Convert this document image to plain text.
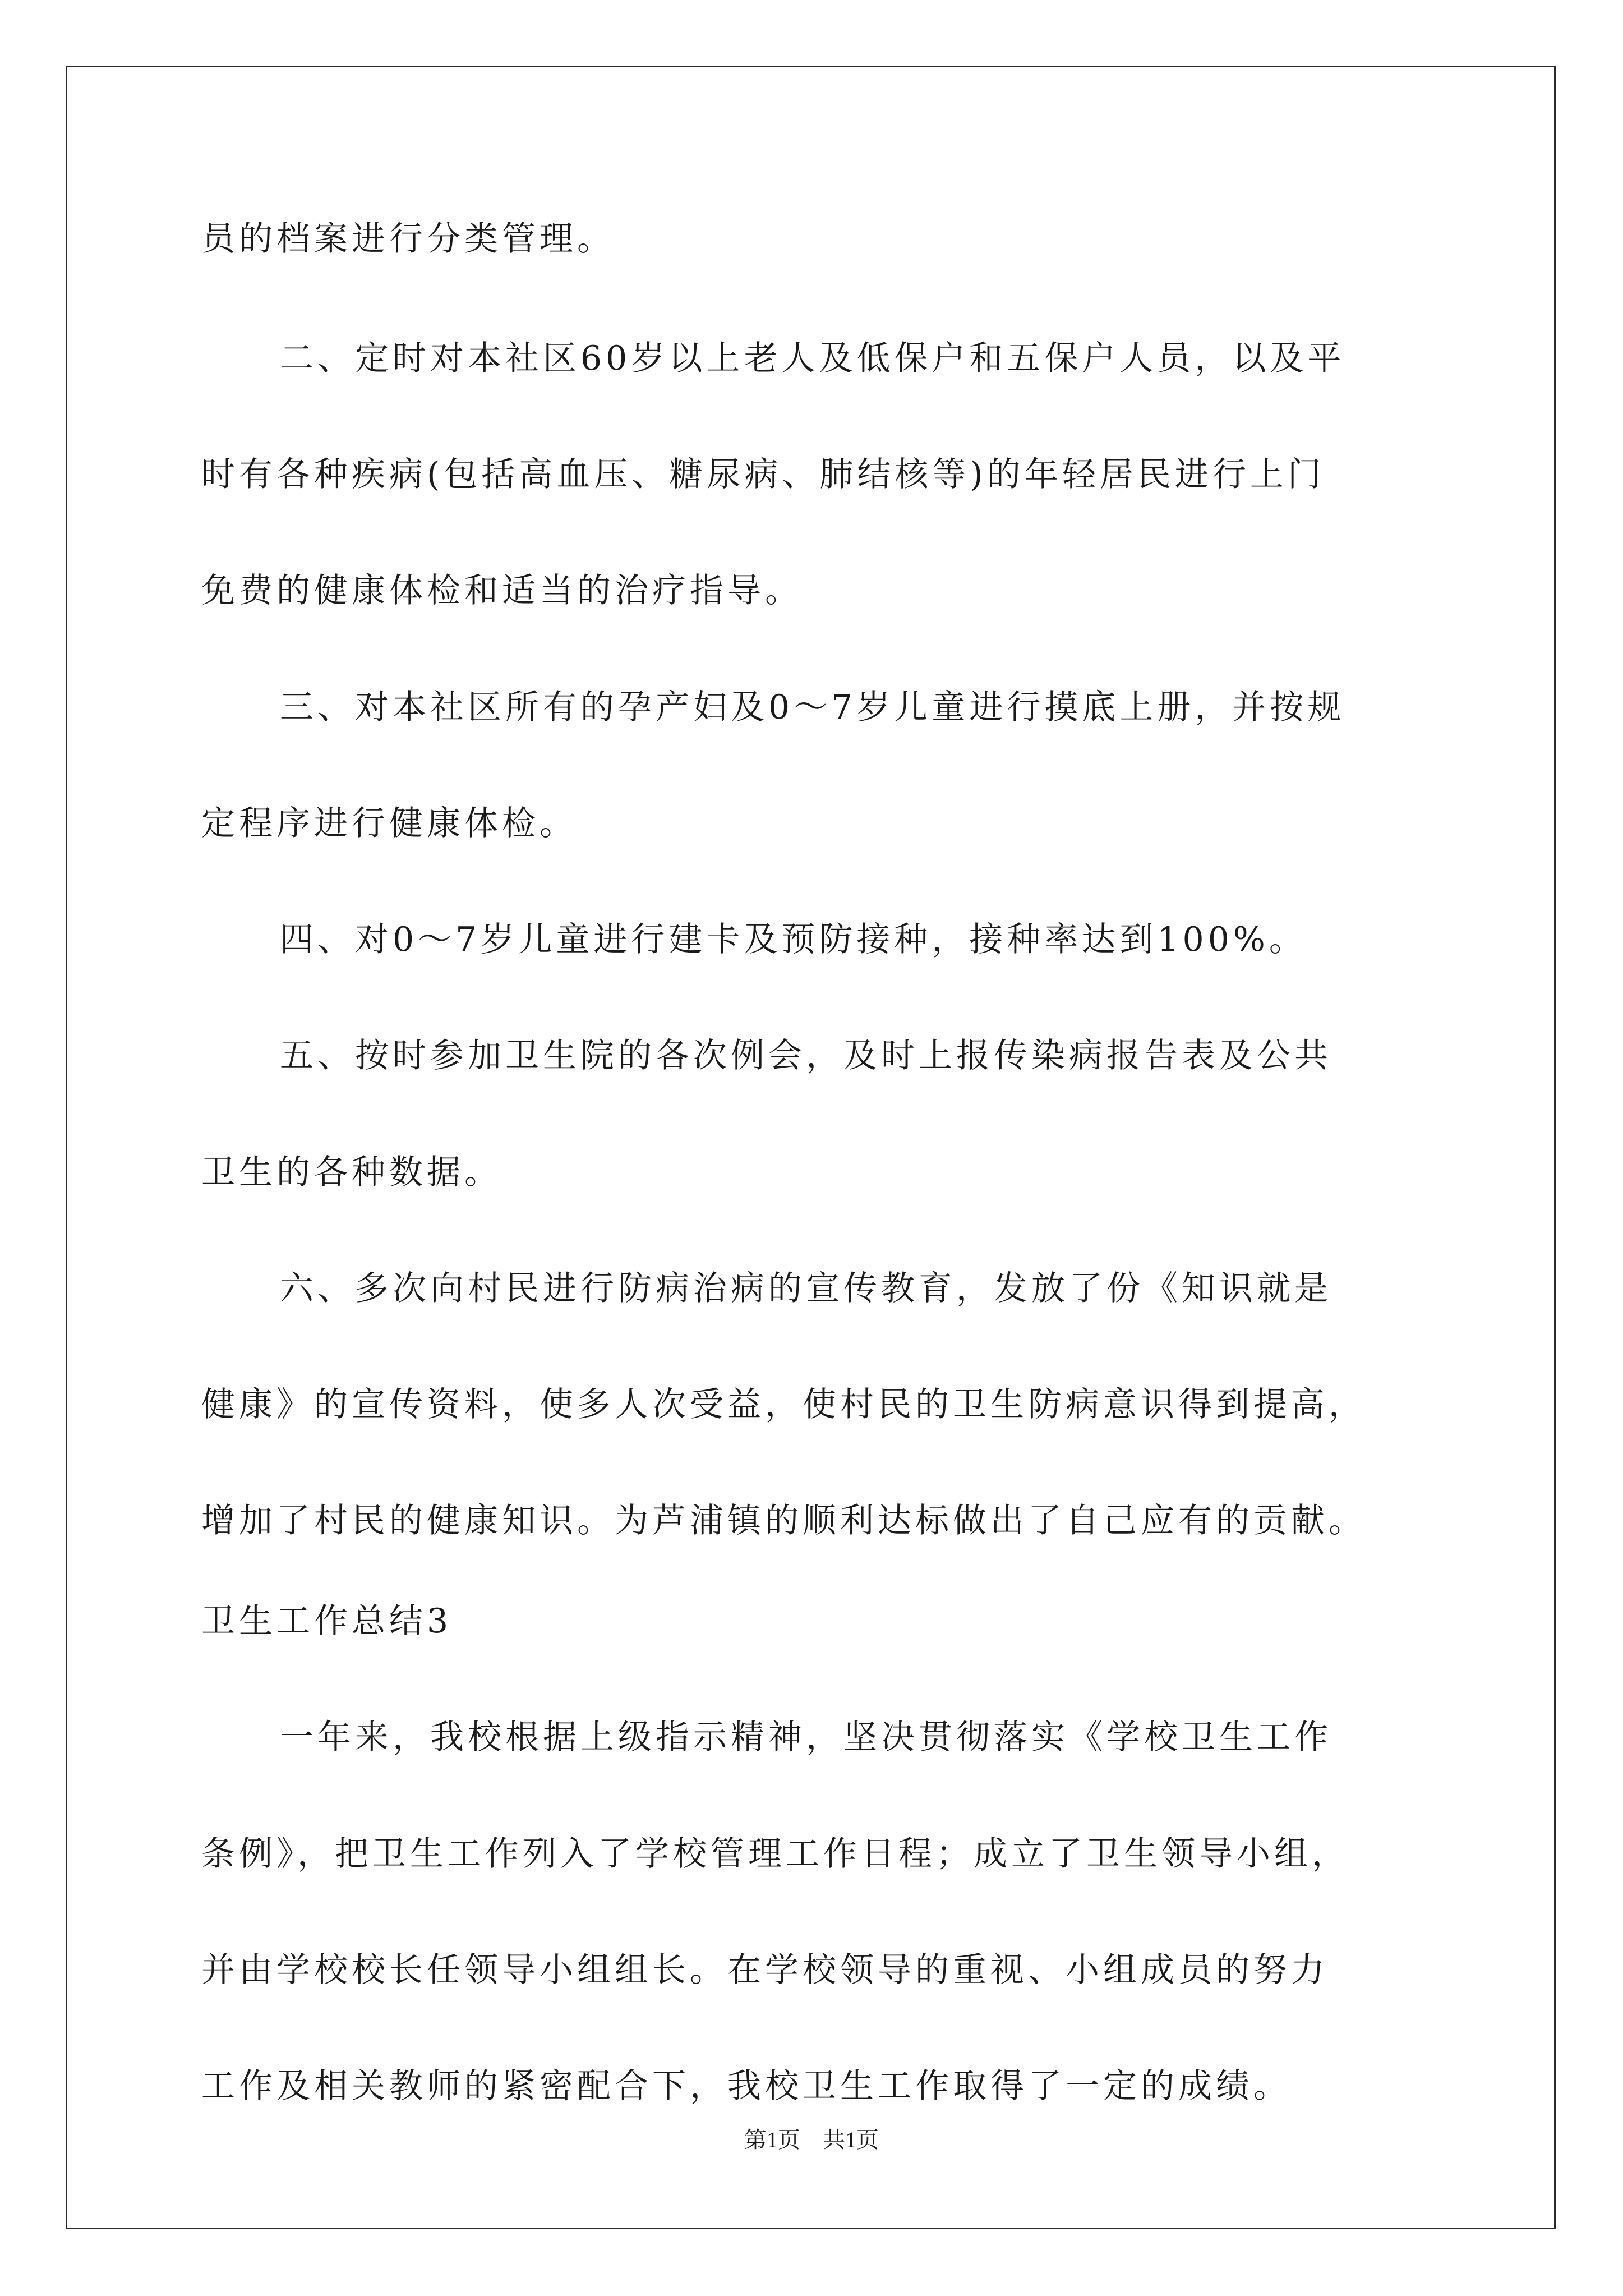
员的档案进行分类管理。

二、定时对本社区60岁以上老人及低保户和五保户人员，以及平

时有各种疾病(包括高血压、糖尿病、肺结核等)的年轻居民进行上门

免费的健康体检和适当的治疗指导。

三、对本社区所有的孕产妇及0～7岁儿童进行摸底上册，并按规

定程序进行健康体检。

四、对0～7岁儿童进行建卡及预防接种，接种率达到100%。

五、按时参加卫生院的各次例会，及时上报传染病报告表及公共

卫生的各种数据。

六、多次向村民进行防病治病的宣传教育，发放了份《知识就是

健康》的宣传资料，使多人次受益，使村民的卫生防病意识得到提高，

增加了村民的健康知识。为芦浦镇的顺利达标做出了自己应有的贡献。

卫生工作总结3

一年来，我校根据上级指示精神，坚决贯彻落实《学校卫生工作

条例》，把卫生工作列入了学校管理工作日程；成立了卫生领导小组，

并由学校校长任领导小组组长。在学校领导的重视、小组成员的努力

工作及相关教师的紧密配合下，我校卫生工作取得了一定的成绩。

第1页 共1页
